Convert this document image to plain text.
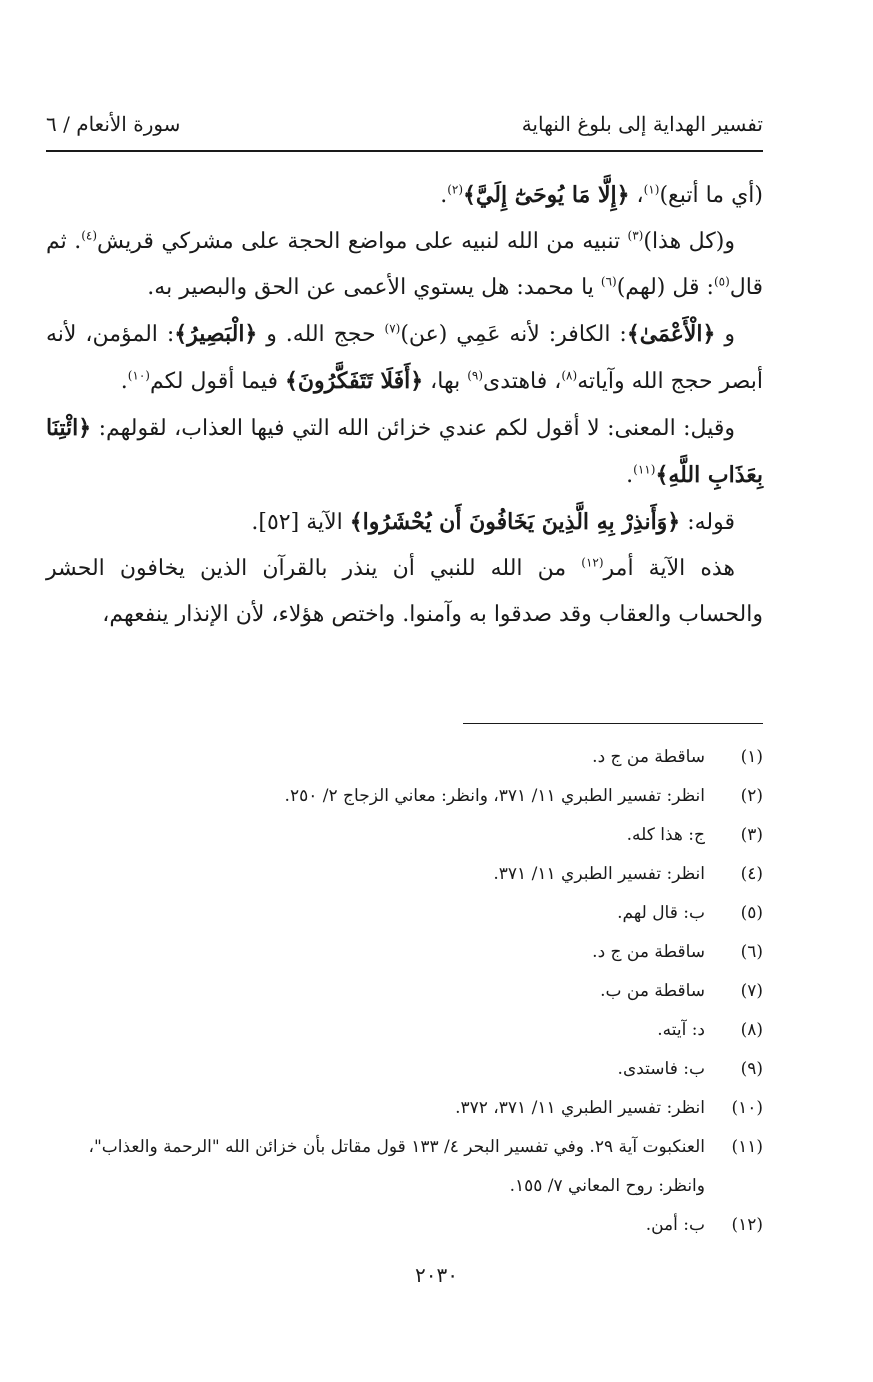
تفسير الهداية إلى بلوغ النهاية
سورة الأنعام / ٦

(أي ما أتبع)$^{(١)}$، ﴿إِلَّا مَا يُوحَىٰٓ إِلَيَّ﴾$^{(٢)}$.

و(كل هذا)$^{(٣)}$ تنبيه من الله لنبيه على مواضع الحجة على مشركي قريش$^{(٤)}$. ثم قال$^{(٥)}$: قل (لهم)$^{(٦)}$ يا محمد: هل يستوي الأعمى عن الحق والبصير به.

و ﴿الْأَعْمَىٰ﴾: الكافر: لأنه عَمِي (عن)$^{(٧)}$ حجج الله. و ﴿الْبَصِيرُ﴾: المؤمن، لأنه أبصر حجج الله وآياته$^{(٨)}$، فاهتدى$^{(٩)}$ بها، ﴿أَفَلَا تَتَفَكَّرُونَ﴾ فيما أقول لكم$^{(١٠)}$.

وقيل: المعنى: لا أقول لكم عندي خزائن الله التي فيها العذاب، لقولهم: ﴿ائْتِنَا بِعَذَابِ اللَّهِ﴾$^{(١١)}$.

قوله: ﴿وَأَنذِرْ بِهِ الَّذِينَ يَخَافُونَ أَن يُحْشَرُوا﴾ الآية [٥٢].

هذه الآية أمر$^{(١٢)}$ من الله للنبي أن ينذر بالقرآن الذين يخافون الحشر والحساب والعقاب وقد صدقوا به وآمنوا. واختص هؤلاء، لأن الإنذار ينفعهم،

(١)
ساقطة من ج د.
(٢)
انظر: تفسير الطبري ١١/ ٣٧١، وانظر: معاني الزجاج ٢/ ٢٥٠.
(٣)
ج: هذا كله.
(٤)
انظر: تفسير الطبري ١١/ ٣٧١.
(٥)
ب: قال لهم.
(٦)
ساقطة من ج د.
(٧)
ساقطة من ب.
(٨)
د: آيته.
(٩)
ب: فاستدى.
(١٠)
انظر: تفسير الطبري ١١/ ٣٧١، ٣٧٢.
(١١)
العنكبوت آية ٢٩. وفي تفسير البحر ٤/ ١٣٣ قول مقاتل بأن خزائن الله "الرحمة والعذاب"، وانظر: روح المعاني ٧/ ١٥٥.
(١٢)
ب: أمن.
٢٠٣٠
